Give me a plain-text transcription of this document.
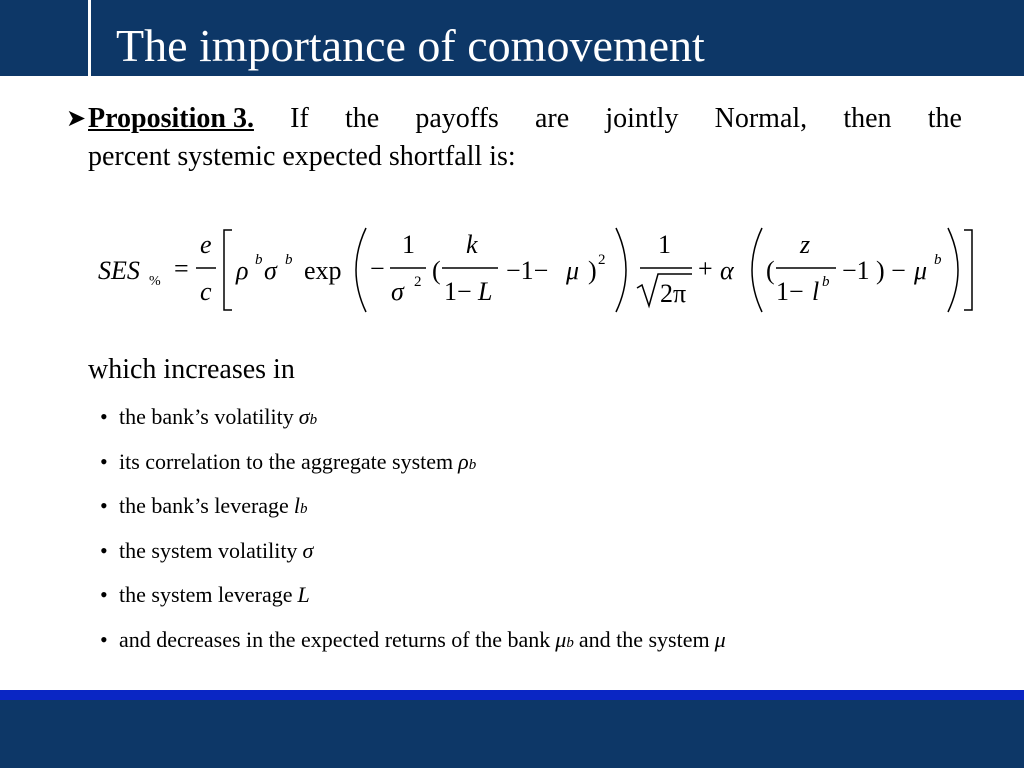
The importance of comovement
➤ Proposition 3. If the payoffs are jointly Normal, then the
percent systemic expected shortfall is:
SES % =
e
c
ρ b σ b exp −
1
σ 2 (
k
1− L
−1− μ ) 2
1
2π
+ α (
z
1− l b −1 ) − μ b
which increases in
• the bank’s volatility σ b
• its correlation to the aggregate system ρ b
• the bank’s leverage l b
• the system volatility σ
• the system leverage L
• and decreases in the expected returns of the bank μ b and the system μ
